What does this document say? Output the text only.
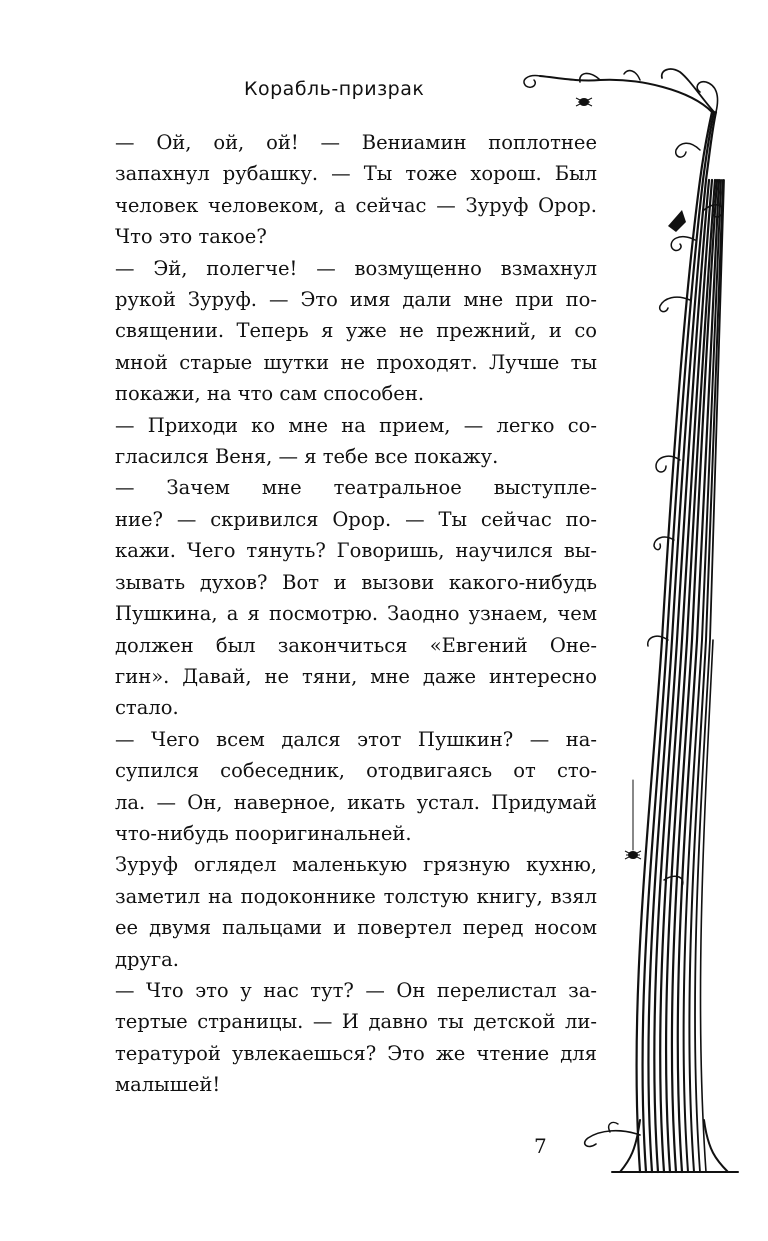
Корабль-призрак
— Ой, ой, ой! — Вениамин поплотнее
запахнул рубашку. — Ты тоже хорош. Был
человек человеком, а сейчас — Зуруф Орор.
Что это такое?
— Эй, полегче! — возмущенно взмахнул
рукой Зуруф. — Это имя дали мне при по-
священии. Теперь я уже не прежний, и со
мной старые шутки не проходят. Лучше ты
покажи, на что сам способен.
— Приходи ко мне на прием, — легко со-
гласился Веня, — я тебе все покажу.
— Зачем мне театральное выступле-
ние? — скривился Орор. — Ты сейчас по-
кажи. Чего тянуть? Говоришь, научился вы-
зывать духов? Вот и вызови какого-нибудь
Пушкина, а я посмотрю. Заодно узнаем, чем
должен был закончиться «Евгений Оне-
гин». Давай, не тяни, мне даже интересно
стало.
— Чего всем дался этот Пушкин? — на-
супился собеседник, отодвигаясь от сто-
ла. — Он, наверное, икать устал. Придумай
что-нибудь пооригинальней.
Зуруф оглядел маленькую грязную кухню,
заметил на подоконнике толстую книгу, взял
ее двумя пальцами и повертел перед носом
друга.
— Что это у нас тут? — Он перелистал за-
тертые страницы. — И давно ты детской ли-
тературой увлекаешься? Это же чтение для
малышей!
7
